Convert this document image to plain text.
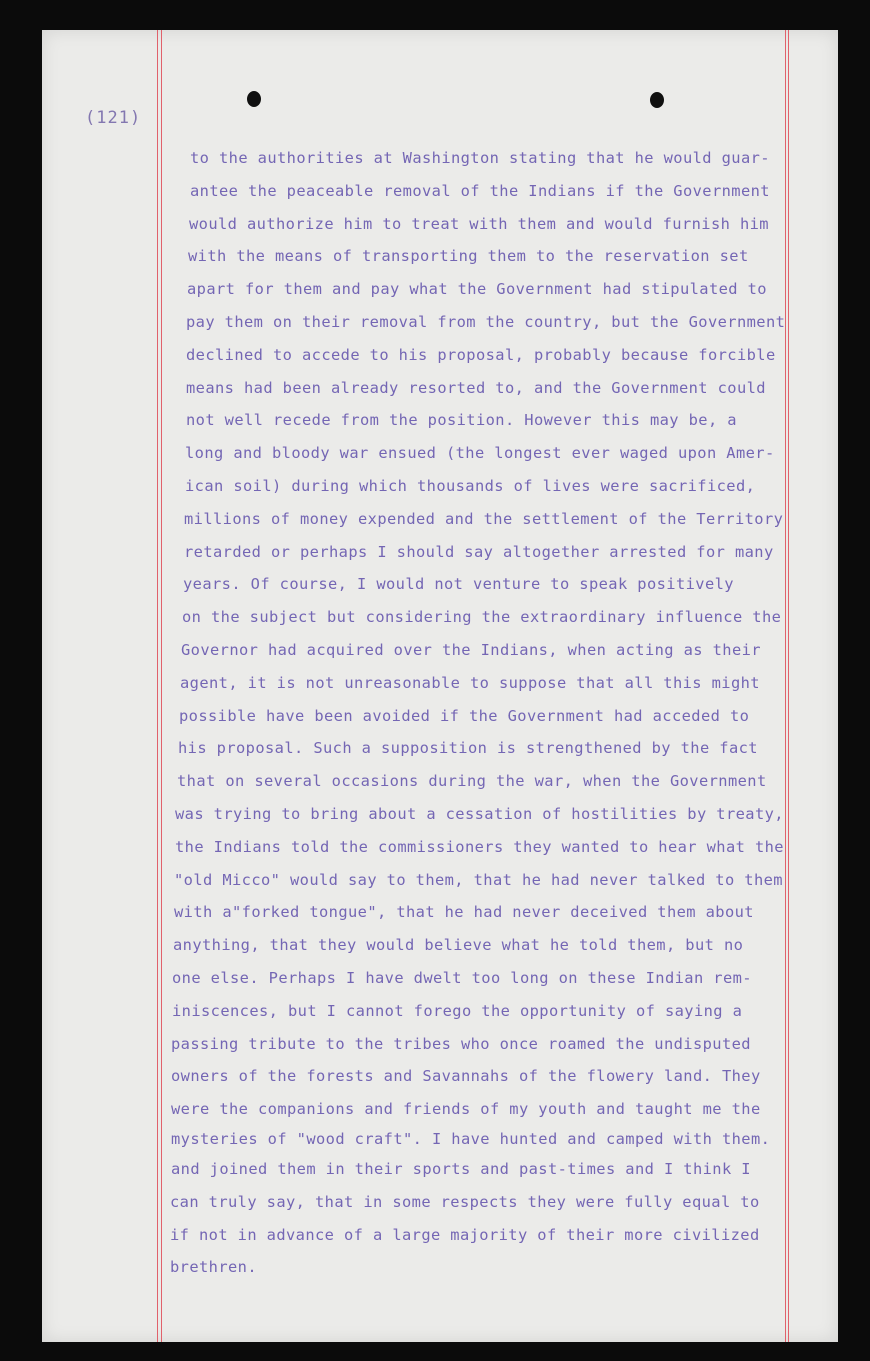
(121)
to the authorities at Washington stating that he would guar-
antee the peaceable removal of the Indians if the Government
would authorize him to treat with them and would furnish him
with the means of transporting them to the reservation set
apart for them and pay what the Government had stipulated to
pay them on their removal from the country, but the Government
declined to accede to his proposal, probably because forcible
means had been already resorted to, and the Government could
not well recede from the position. However this may be, a
long and bloody war ensued (the longest ever waged upon Amer-
ican soil) during which thousands of lives were sacrificed,
millions of money expended and the settlement of the Territory
retarded or perhaps I should say altogether arrested for many
years. Of course, I would not venture to speak positively
on the subject but considering the extraordinary influence the
Governor had acquired over the Indians, when acting as their
agent, it is not unreasonable to suppose that all this might
possible have been avoided if the Government had acceded to
his proposal. Such a supposition is strengthened by the fact
that on several occasions during the war, when the Government
was trying to bring about a cessation of hostilities by treaty,
the Indians told the commissioners they wanted to hear what the
"old Micco" would say to them, that he had never talked to them
with a"forked tongue", that he had never deceived them about
anything, that they would believe what he told them, but no
one else. Perhaps I have dwelt too long on these Indian rem-
iniscences, but I cannot forego the opportunity of saying a
passing tribute to the tribes who once roamed the undisputed
owners of the forests and Savannahs of the flowery land. They
were the companions and friends of my youth and taught me the
mysteries of "wood craft". I have hunted and camped with them.
and joined them in their sports and past-times and I think I
can truly say, that in some respects they were fully equal to
if not in advance of a large majority of their more civilized
brethren.
